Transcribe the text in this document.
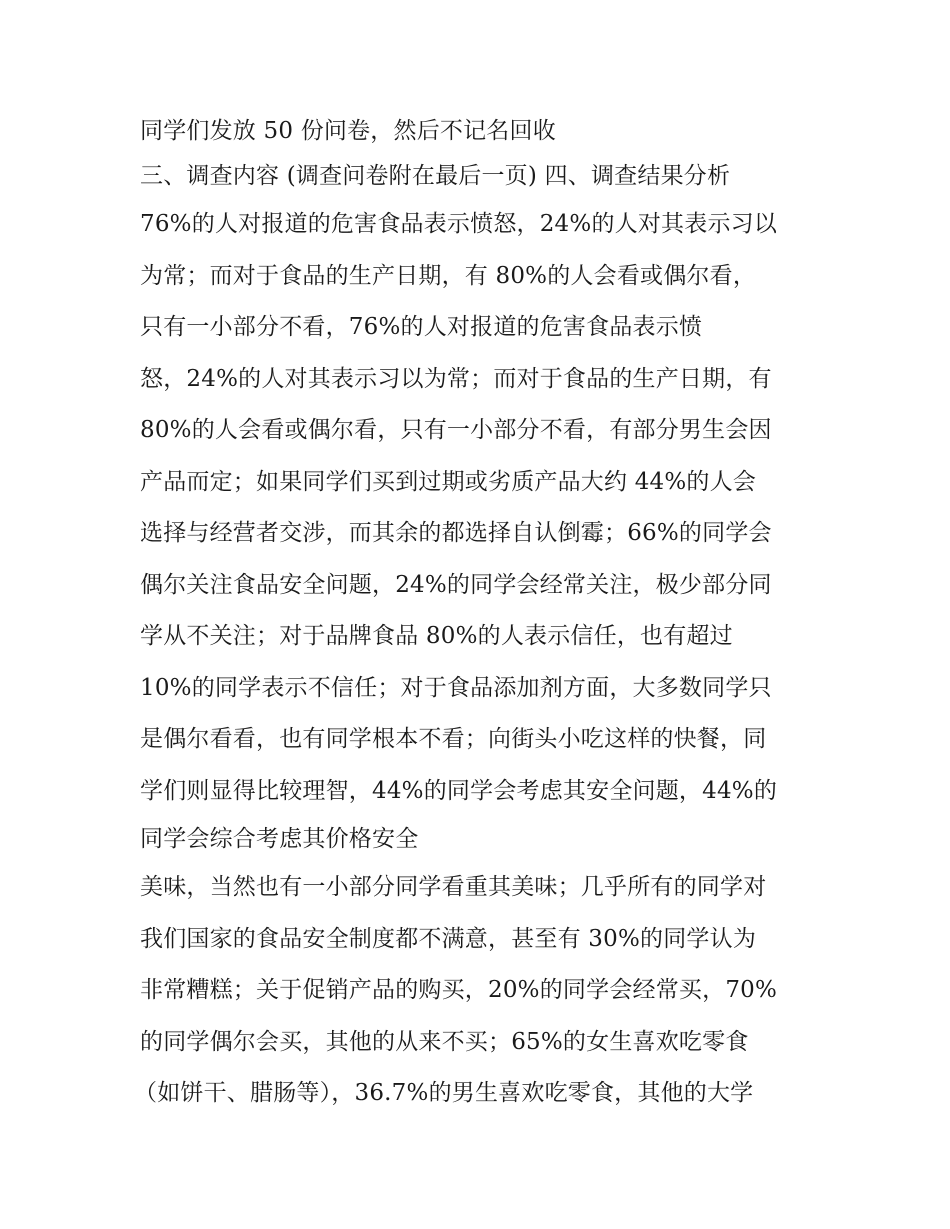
同学们发放 50 份问卷，然后不记名回收
三、调查内容 (调查问卷附在最后一页) 四、调查结果分析
76%的人对报道的危害食品表示愤怒，24%的人对其表示习以
为常；而对于食品的生产日期，有 80%的人会看或偶尔看，
只有一小部分不看，76%的人对报道的危害食品表示愤
怒，24%的人对其表示习以为常；而对于食品的生产日期，有
80%的人会看或偶尔看，只有一小部分不看，有部分男生会因
产品而定；如果同学们买到过期或劣质产品大约 44%的人会
选择与经营者交涉，而其余的都选择自认倒霉；66%的同学会
偶尔关注食品安全问题，24%的同学会经常关注，极少部分同
学从不关注；对于品牌食品 80%的人表示信任，也有超过
10%的同学表示不信任；对于食品添加剂方面，大多数同学只
是偶尔看看，也有同学根本不看；向街头小吃这样的快餐，同
学们则显得比较理智，44%的同学会考虑其安全问题，44%的
同学会综合考虑其价格安全
美味，当然也有一小部分同学看重其美味；几乎所有的同学对
我们国家的食品安全制度都不满意，甚至有 30%的同学认为
非常糟糕；关于促销产品的购买，20%的同学会经常买，70%
的同学偶尔会买，其他的从来不买；65%的女生喜欢吃零食
（如饼干、腊肠等），36.7%的男生喜欢吃零食，其他的大学
